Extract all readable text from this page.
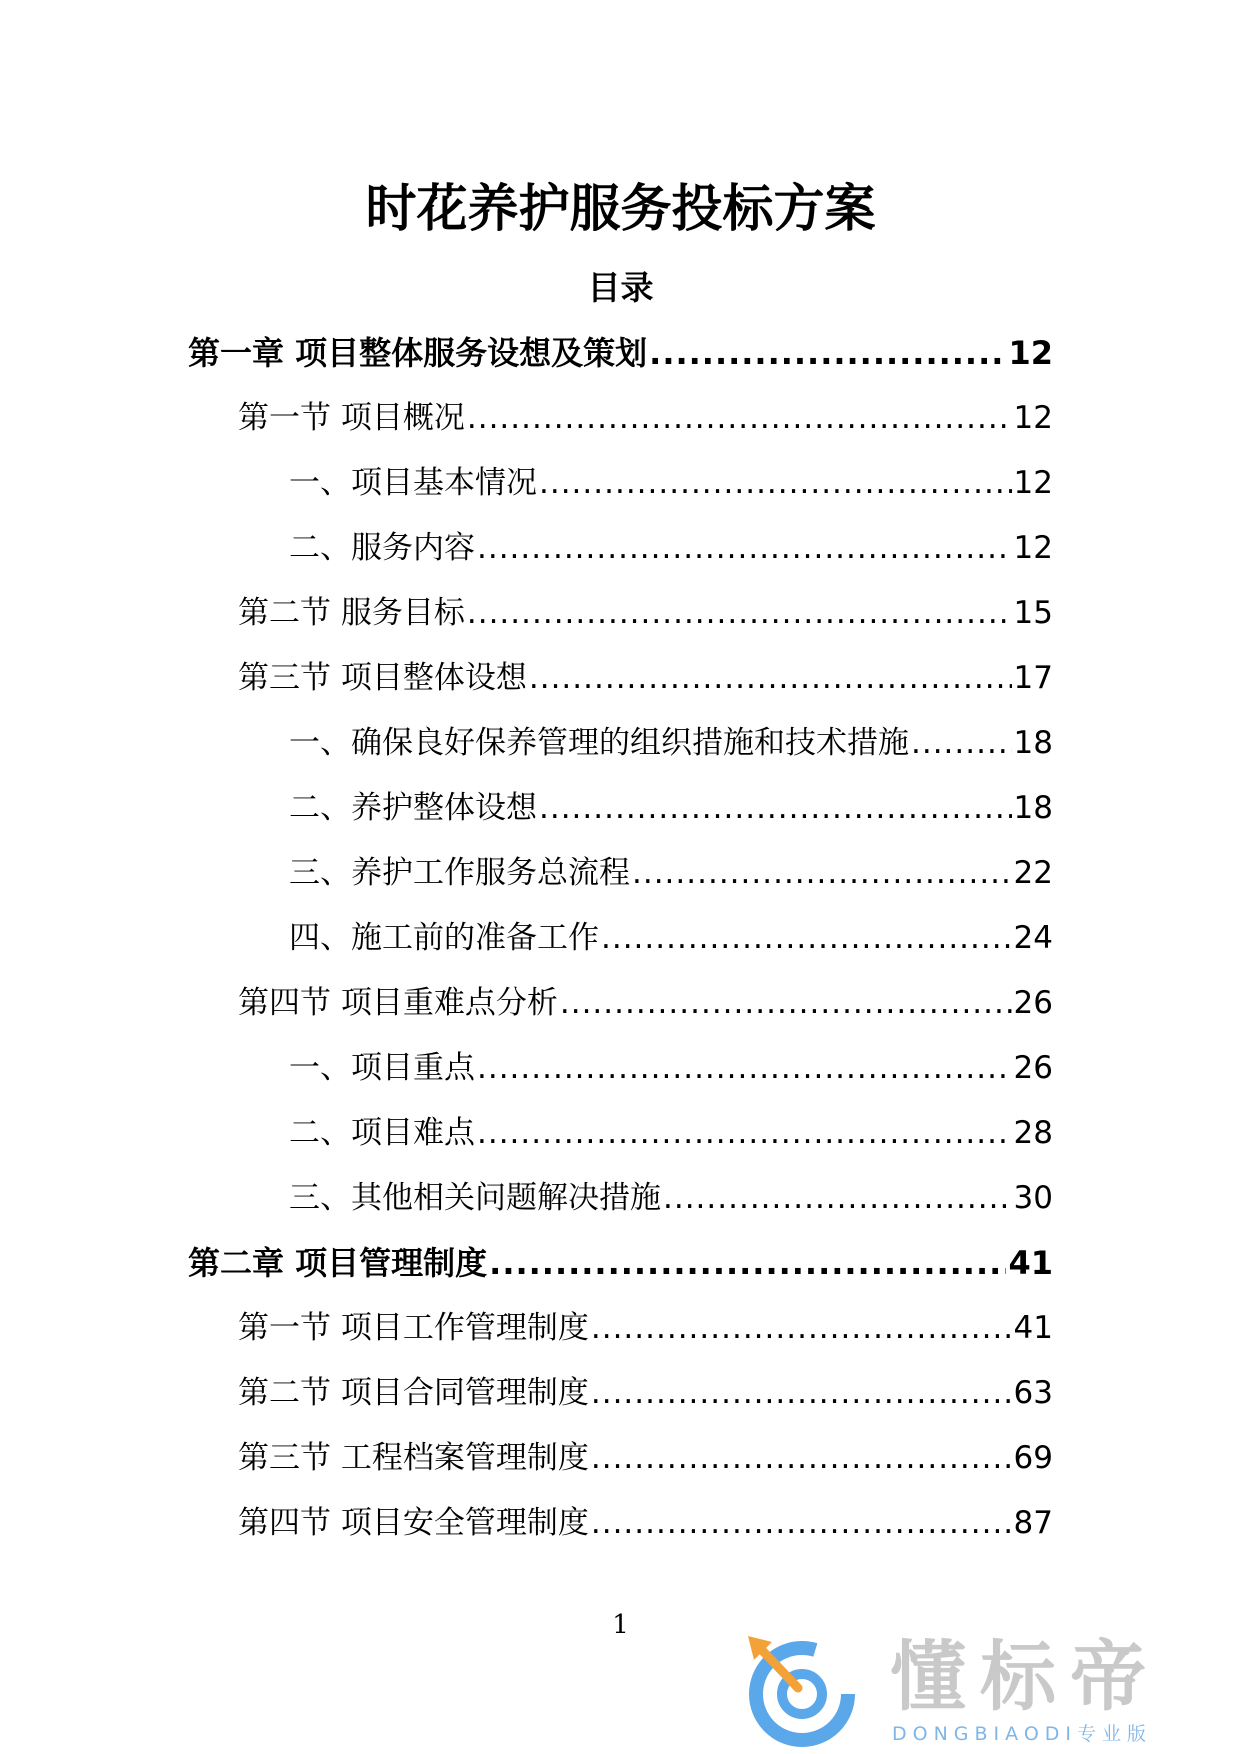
时花养护服务投标方案
目录
第一章 项目整体服务设想及策划 .....	12
第一节 项目概况 .....	12
一、项目基本情况 .....	12
二、服务内容 .....	12
第二节 服务目标 .....	15
第三节 项目整体设想 .....	17
一、确保良好保养管理的组织措施和技术措施 .....	18
二、养护整体设想 .....	18
三、养护工作服务总流程 .....	22
四、施工前的准备工作 .....	24
第四节 项目重难点分析 .....	26
一、项目重点 .....	26
二、项目难点 .....	28
三、其他相关问题解决措施 .....	30
第二章 项目管理制度 .....	41
第一节 项目工作管理制度 .....	41
第二节 项目合同管理制度 .....	63
第三节 工程档案管理制度 .....	69
第四节 项目安全管理制度 .....	87
1
懂标帝
DONGBIAODI专业版
